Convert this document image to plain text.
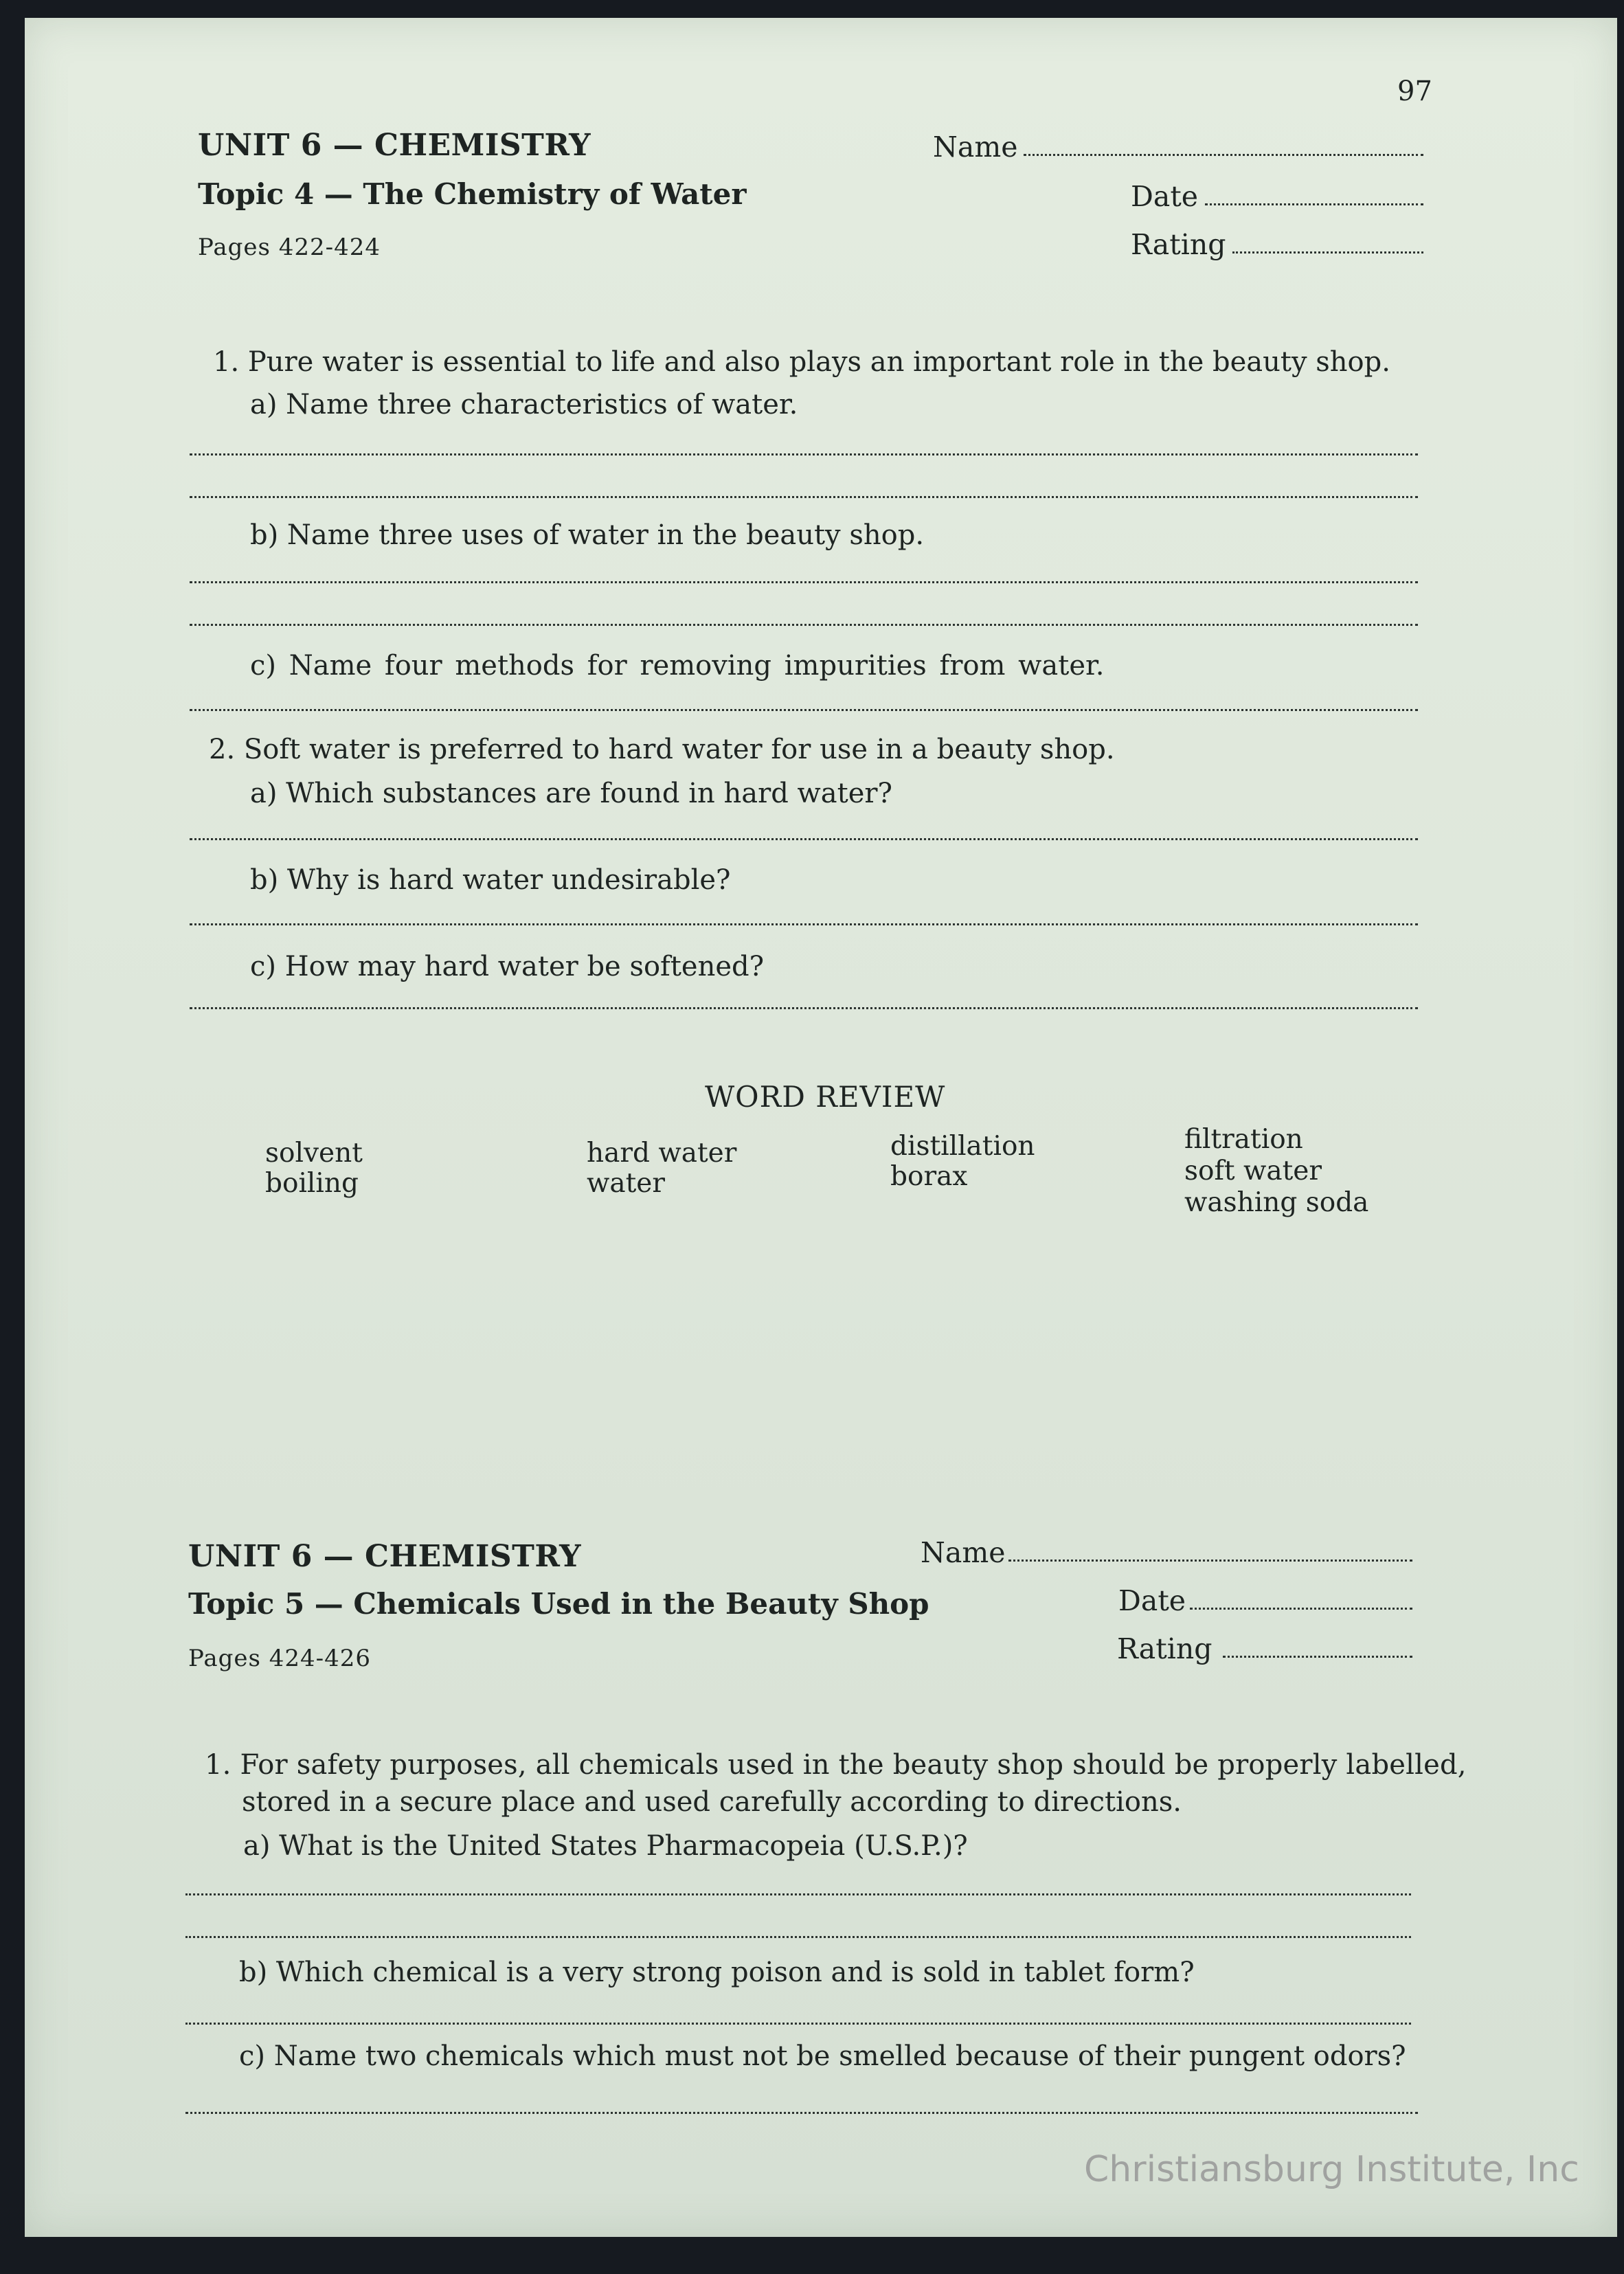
97
UNIT 6 — CHEMISTRY
Topic 4 — The Chemistry of Water
Pages 422-424
Name
Date
Rating
1. Pure water is essential to life and also plays an important role in the beauty shop.
a) Name three characteristics of water.
b) Name three uses of water in the beauty shop.
c) Name four methods for removing impurities from water.
2. Soft water is preferred to hard water for use in a beauty shop.
a) Which substances are found in hard water?
b) Why is hard water undesirable?
c) How may hard water be softened?
WORD REVIEW
solvent
boiling
hard water
water
distillation
borax
filtration
soft water
washing soda
UNIT 6 — CHEMISTRY
Topic 5 — Chemicals Used in the Beauty Shop
Pages 424-426
Name
Date
Rating
1. For safety purposes, all chemicals used in the beauty shop should be properly labelled,
stored in a secure place and used carefully according to directions.
a) What is the United States Pharmacopeia (U.S.P.)?
b) Which chemical is a very strong poison and is sold in tablet form?
c) Name two chemicals which must not be smelled because of their pungent odors?
Christiansburg Institute, Inc
